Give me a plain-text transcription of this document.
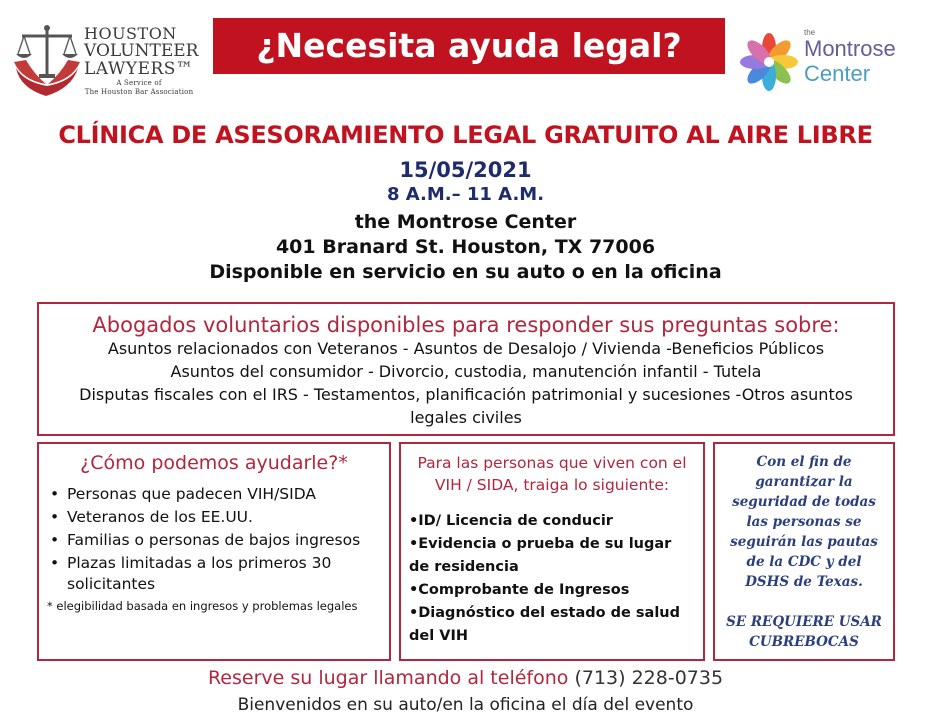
HOUSTON
VOLUNTEER
LAWYERS™
A Service of
The Houston Bar Association
¿Necesita ayuda legal?	the
Montrose
Center
CLÍNICA DE ASESORAMIENTO LEGAL GRATUITO AL AIRE LIBRE
15/05/2021
8 A.M.– 11 A.M.
the Montrose Center
401 Branard St. Houston, TX 77006
Disponible en servicio en su auto o en la oficina
Abogados voluntarios disponibles para responder sus preguntas sobre:
Asuntos relacionados con Veteranos - Asuntos de Desalojo / Vivienda -Beneficios Públicos
Asuntos del consumidor - Divorcio, custodia, manutención infantil - Tutela
Disputas fiscales con el IRS - Testamentos, planificación patrimonial y sucesiones -Otros asuntos
legales civiles
¿Cómo podemos ayudarle?*
• Personas que padecen VIH/SIDA
• Veteranos de los EE.UU.
• Familias o personas de bajos ingresos
• Plazas limitadas a los primeros 30 solicitantes
* elegibilidad basada en ingresos y problemas legales
Para las personas que viven con el VIH / SIDA, traiga lo siguiente:
•ID/ Licencia de conducir
•Evidencia o prueba de su lugar de residencia
•Comprobante de Ingresos
•Diagnóstico del estado de salud del VIH
Con el fin de garantizar la seguridad de todas las personas se seguirán las pautas de la CDC y del DSHS de Texas.
SE REQUIERE USAR CUBREBOCAS
Reserve su lugar llamando al teléfono (713) 228-0735
Bienvenidos en su auto/en la oficina el día del evento
